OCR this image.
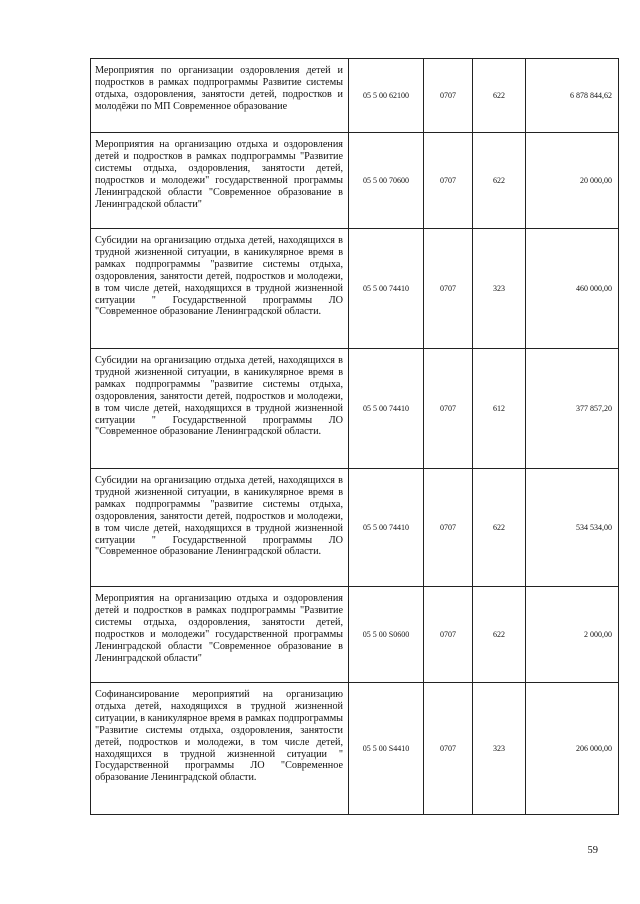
Мероприятия по организации оздоровления детей и подростков в рамках подпрограммы Развитие системы отдыха, оздоровления, занятости детей, подростков и молодёжи по МП Современное образование	05 5 00 62100	0707	622	6 878 844,62
Мероприятия на организацию отдыха и оздоровления детей и подростков в рамках подпрограммы "Развитие системы отдыха, оздоровления, занятости детей, подростков и молодежи" государственной программы Ленинградской области "Современное образование в Ленинградской области"	05 5 00 70600	0707	622	20 000,00
Субсидии на организацию отдыха детей, находящихся в трудной жизненной ситуации, в каникулярное время в рамках подпрограммы "развитие системы отдыха, оздоровления, занятости детей, подростков и молодежи, в том числе детей, находящихся в трудной жизненной ситуации " Государственной программы ЛО "Современное образование Ленинградской области.	05 5 00 74410	0707	323	460 000,00
Субсидии на организацию отдыха детей, находящихся в трудной жизненной ситуации, в каникулярное время в рамках подпрограммы "развитие системы отдыха, оздоровления, занятости детей, подростков и молодежи, в том числе детей, находящихся в трудной жизненной ситуации " Государственной программы ЛО "Современное образование Ленинградской области.	05 5 00 74410	0707	612	377 857,20
Субсидии на организацию отдыха детей, находящихся в трудной жизненной ситуации, в каникулярное время в рамках подпрограммы "развитие системы отдыха, оздоровления, занятости детей, подростков и молодежи, в том числе детей, находящихся в трудной жизненной ситуации " Государственной программы ЛО "Современное образование Ленинградской области.	05 5 00 74410	0707	622	534 534,00
Мероприятия на организацию отдыха и оздоровления детей и подростков в рамках подпрограммы "Развитие системы отдыха, оздоровления, занятости детей, подростков и молодежи" государственной программы Ленинградской области "Современное образование в Ленинградской области"	05 5 00 S0600	0707	622	2 000,00
Софинансирование мероприятий на организацию отдыха детей, находящихся в трудной жизненной ситуации, в каникулярное время в рамках подпрограммы "Развитие системы отдыха, оздоровления, занятости детей, подростков и молодежи, в том числе детей, находящихся в трудной жизненной ситуации " Государственной программы ЛО "Современное образование Ленинградской области.	05 5 00 S4410	0707	323	206 000,00
59
